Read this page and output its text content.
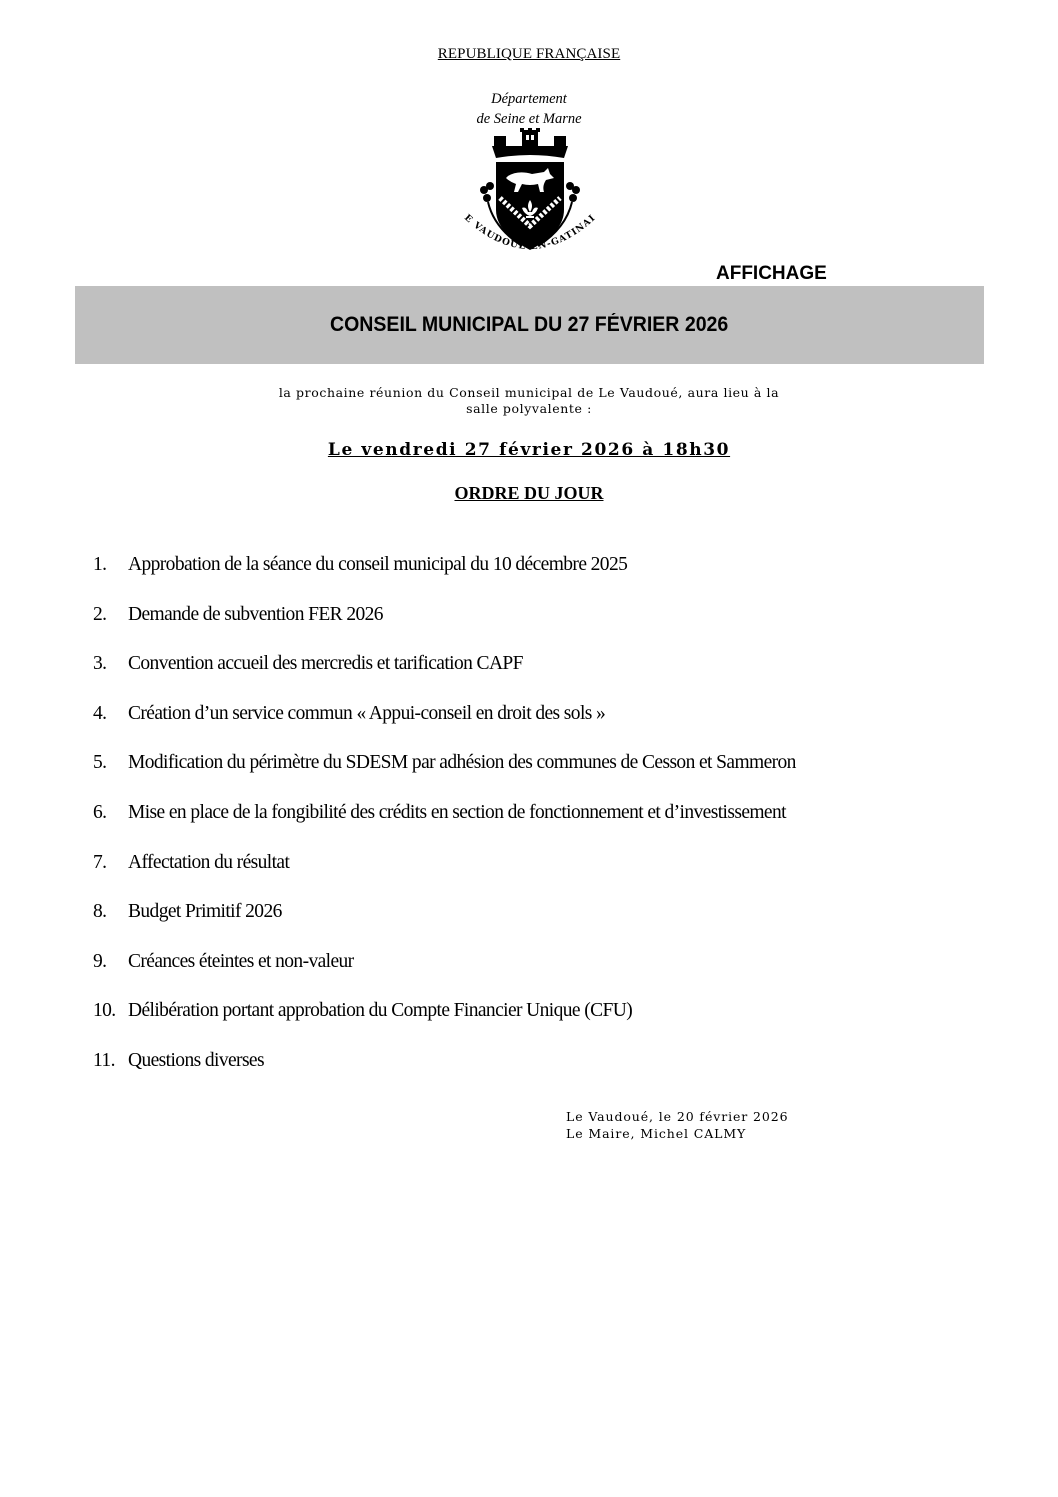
REPUBLIQUE FRANÇAISE
Département
de Seine et Marne
E VAUDOUÉ-EN-GATINAI
AFFICHAGE
CONSEIL MUNICIPAL DU 27 FÉVRIER 2026
la prochaine réunion du Conseil municipal de Le Vaudoué, aura lieu à la
salle polyvalente :
Le vendredi 27 février 2026 à 18h30
ORDRE DU JOUR
1.	Approbation de la séance du conseil municipal du 10 décembre 2025
2.	Demande de subvention FER 2026
3.	Convention accueil des mercredis et tarification CAPF
4.	Création d’un service commun « Appui-conseil en droit des sols »
5.	Modification du périmètre du SDESM par adhésion des communes de Cesson et Sammeron
6.	Mise en place de la fongibilité des crédits en section de fonctionnement et d’investissement
7.	Affectation du résultat
8.	Budget Primitif 2026
9.	Créances éteintes et non-valeur
10. Délibération portant approbation du Compte Financier Unique (CFU)
11. Questions diverses
Le Vaudoué, le 20 février 2026
Le Maire, Michel CALMY
